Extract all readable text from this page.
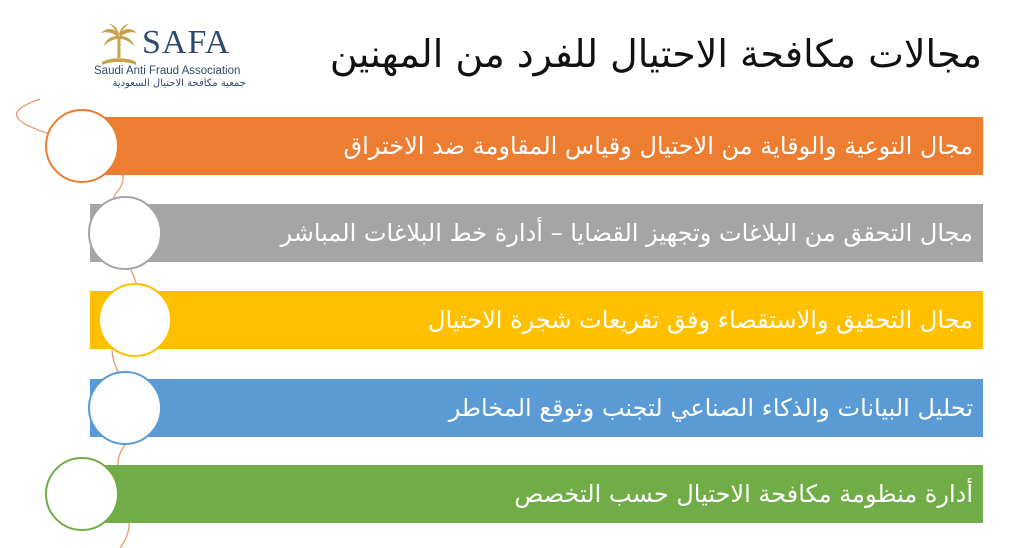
SAFA
Saudi Anti Fraud Association
جمعية مكافحة الاحتيال السعودية
مجالات مكافحة الاحتيال للفرد من المهنين
مجال التوعية والوقاية من الاحتيال وقياس المقاومة ضد الاختراق
مجال التحقق من البلاغات وتجهيز القضايا – أدارة خط البلاغات المباشر
مجال التحقيق والاستقصاء وفق تفريعات شجرة الاحتيال
تحليل البيانات والذكاء الصناعي لتجنب وتوقع المخاطر
أدارة منظومة مكافحة الاحتيال حسب التخصص
